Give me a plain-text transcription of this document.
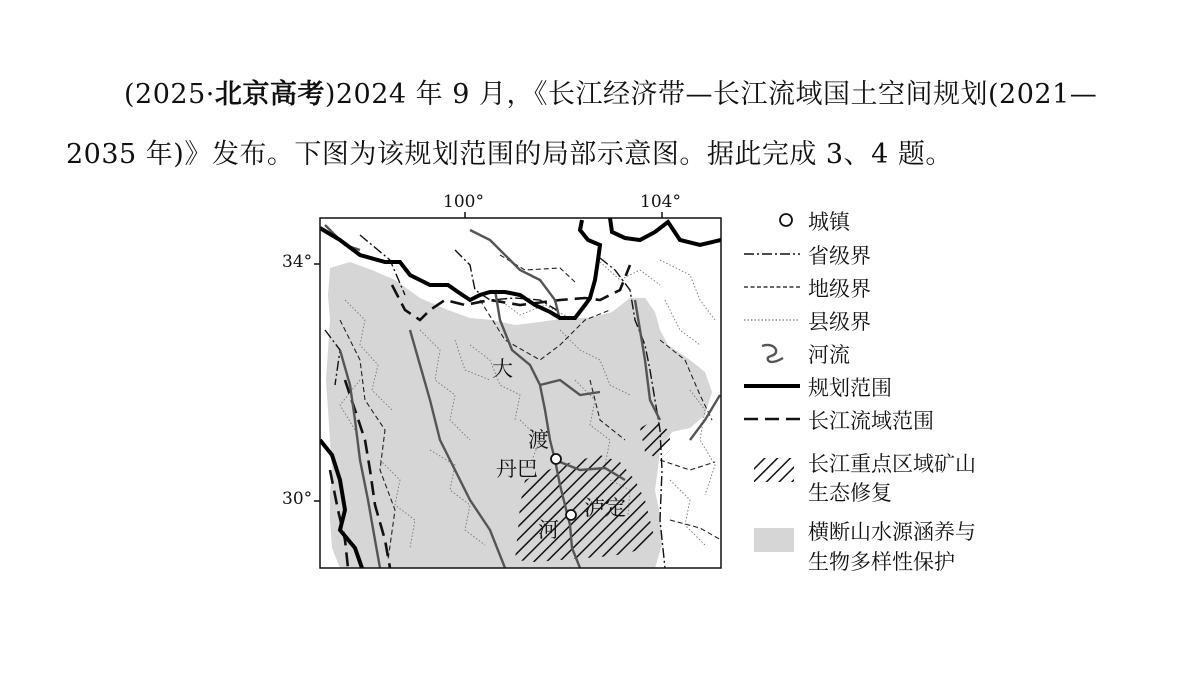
(2025·北京高考)2024 年 9 月，《长江经济带—长江流域国土空间规划(2021—
2035 年)》发布。下图为该规划范围的局部示意图。据此完成 3、4 题。
100°	104°
34°
30°
大
渡
河
丹巴
泸定
城镇
省级界
地级界
县级界
河流
规划范围
长江流域范围
长江重点区域矿山
生态修复
横断山水源涵养与
生物多样性保护
